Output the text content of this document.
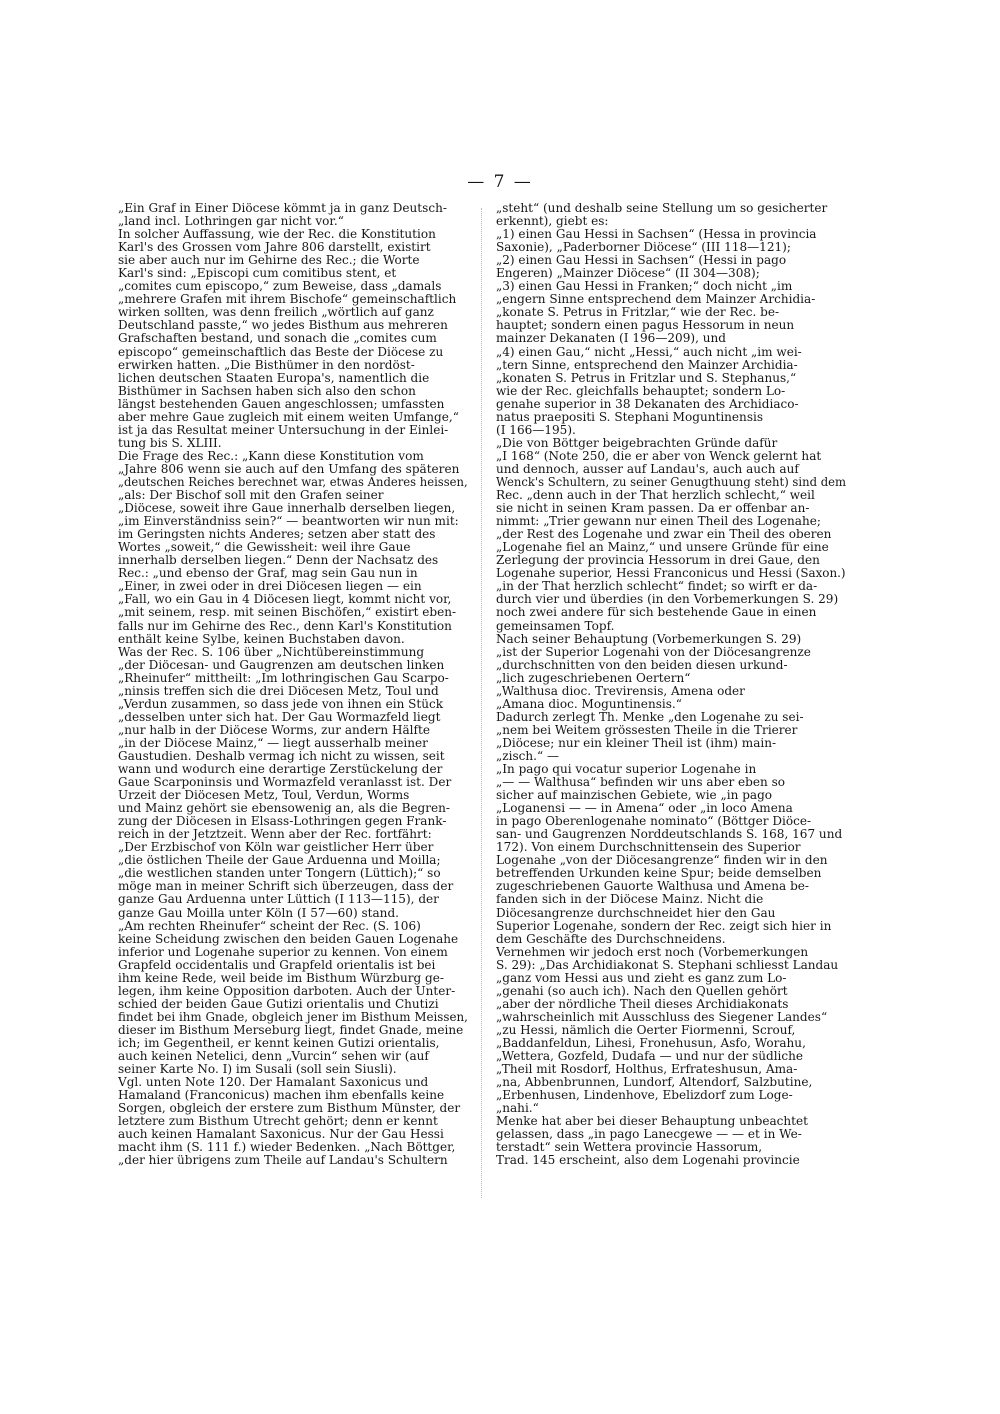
— 7 —
„Ein Graf in Einer Diöcese kömmt ja in ganz Deutsch-
„land incl. Lothringen gar nicht vor.“
In solcher Auffassung, wie der Rec. die Konstitution
Karl's des Grossen vom Jahre 806 darstellt, existirt
sie aber auch nur im Gehirne des Rec.; die Worte
Karl's sind: „Episcopi cum comitibus stent, et
„comites cum episcopo,“ zum Beweise, dass „damals
„mehrere Grafen mit ihrem Bischofe“ gemeinschaftlich
wirken sollten, was denn freilich „wörtlich auf ganz
Deutschland passte,“ wo jedes Bisthum aus mehreren
Grafschaften bestand, und sonach die „comites cum
episcopo“ gemeinschaftlich das Beste der Diöcese zu
erwirken hatten. „Die Bisthümer in den nordöst-
lichen deutschen Staaten Europa's, namentlich die
Bisthümer in Sachsen haben sich also den schon
längst bestehenden Gauen angeschlossen; umfassten
aber mehre Gaue zugleich mit einem weiten Umfange,“
ist ja das Resultat meiner Untersuchung in der Einlei-
tung bis S. XLIII.
Die Frage des Rec.: „Kann diese Konstitution vom
„Jahre 806 wenn sie auch auf den Umfang des späteren
„deutschen Reiches berechnet war, etwas Anderes heissen,
„als: Der Bischof soll mit den Grafen seiner
„Diöcese, soweit ihre Gaue innerhalb derselben liegen,
„im Einverständniss sein?“ — beantworten wir nun mit:
im Geringsten nichts Anderes; setzen aber statt des
Wortes „soweit,“ die Gewissheit: weil ihre Gaue
innerhalb derselben liegen.“ Denn der Nachsatz des
Rec.: „und ebenso der Graf, mag sein Gau nun in
„Einer, in zwei oder in drei Diöcesen liegen — ein
„Fall, wo ein Gau in 4 Diöcesen liegt, kommt nicht vor,
„mit seinem, resp. mit seinen Bischöfen,“ existirt eben-
falls nur im Gehirne des Rec., denn Karl's Konstitution
enthält keine Sylbe, keinen Buchstaben davon.
Was der Rec. S. 106 über „Nichtübereinstimmung
„der Diöcesan- und Gaugrenzen am deutschen linken
„Rheinufer“ mittheilt: „Im lothringischen Gau Scarpo-
„ninsis treffen sich die drei Diöcesen Metz, Toul und
„Verdun zusammen, so dass jede von ihnen ein Stück
„desselben unter sich hat. Der Gau Wormazfeld liegt
„nur halb in der Diöcese Worms, zur andern Hälfte
„in der Diöcese Mainz,“ — liegt ausserhalb meiner
Gaustudien. Deshalb vermag ich nicht zu wissen, seit
wann und wodurch eine derartige Zerstückelung der
Gaue Scarponinsis und Wormazfeld veranlasst ist. Der
Urzeit der Diöcesen Metz, Toul, Verdun, Worms
und Mainz gehört sie ebensowenig an, als die Begren-
zung der Diöcesen in Elsass-Lothringen gegen Frank-
reich in der Jetztzeit. Wenn aber der Rec. fortfährt:
„Der Erzbischof von Köln war geistlicher Herr über
„die östlichen Theile der Gaue Arduenna und Moilla;
„die westlichen standen unter Tongern (Lüttich);“ so
möge man in meiner Schrift sich überzeugen, dass der
ganze Gau Arduenna unter Lüttich (I 113—115), der
ganze Gau Moilla unter Köln (I 57—60) stand.
„Am rechten Rheinufer“ scheint der Rec. (S. 106)
keine Scheidung zwischen den beiden Gauen Logenahe
inferior und Logenahe superior zu kennen. Von einem
Grapfeld occidentalis und Grapfeld orientalis ist bei
ihm keine Rede, weil beide im Bisthum Würzburg ge-
legen, ihm keine Opposition darboten. Auch der Unter-
schied der beiden Gaue Gutizi orientalis und Chutizi
findet bei ihm Gnade, obgleich jener im Bisthum Meissen,
dieser im Bisthum Merseburg liegt, findet Gnade, meine
ich; im Gegentheil, er kennt keinen Gutizi orientalis,
auch keinen Netelici, denn „Vurcin“ sehen wir (auf
seiner Karte No. I) im Susali (soll sein Siusli).
Vgl. unten Note 120. Der Hamalant Saxonicus und
Hamaland (Franconicus) machen ihm ebenfalls keine
Sorgen, obgleich der erstere zum Bisthum Münster, der
letztere zum Bisthum Utrecht gehört; denn er kennt
auch keinen Hamalant Saxonicus. Nur der Gau Hessi
macht ihm (S. 111 f.) wieder Bedenken. „Nach Böttger,
„der hier übrigens zum Theile auf Landau's Schultern
„steht“ (und deshalb seine Stellung um so gesicherter
erkennt), giebt es:
„1) einen Gau Hessi in Sachsen“ (Hessa in provincia
Saxonie), „Paderborner Diöcese“ (III 118—121);
„2) einen Gau Hessi in Sachsen“ (Hessi in pago
Engeren) „Mainzer Diöcese“ (II 304—308);
„3) einen Gau Hessi in Franken;“ doch nicht „im
„engern Sinne entsprechend dem Mainzer Archidia-
„konate S. Petrus in Fritzlar,“ wie der Rec. be-
hauptet; sondern einen pagus Hessorum in neun
mainzer Dekanaten (I 196—209), und
„4) einen Gau,“ nicht „Hessi,“ auch nicht „im wei-
„tern Sinne, entsprechend den Mainzer Archidia-
„konaten S. Petrus in Fritzlar und S. Stephanus,“
wie der Rec. gleichfalls behauptet; sondern Lo-
genahe superior in 38 Dekanaten des Archidiaco-
natus praepositi S. Stephani Moguntinensis
(I 166—195).
„Die von Böttger beigebrachten Gründe dafür
„I 168“ (Note 250, die er aber von Wenck gelernt hat
und dennoch, ausser auf Landau's, auch auch auf
Wenck's Schultern, zu seiner Genugthuung steht) sind dem
Rec. „denn auch in der That herzlich schlecht,“ weil
sie nicht in seinen Kram passen. Da er offenbar an-
nimmt: „Trier gewann nur einen Theil des Logenahe;
„der Rest des Logenahe und zwar ein Theil des oberen
„Logenahe fiel an Mainz,“ und unsere Gründe für eine
Zerlegung der provincia Hessorum in drei Gaue, den
Logenahe superior, Hessi Franconicus und Hessi (Saxon.)
„in der That herzlich schlecht“ findet; so wirft er da-
durch vier und überdies (in den Vorbemerkungen S. 29)
noch zwei andere für sich bestehende Gaue in einen
gemeinsamen Topf.
Nach seiner Behauptung (Vorbemerkungen S. 29)
„ist der Superior Logenahi von der Diöcesangrenze
„durchschnitten von den beiden diesen urkund-
„lich zugeschriebenen Oertern“
„Walthusa dioc. Trevirensis, Amena oder
„Amana dioc. Moguntinensis.“
Dadurch zerlegt Th. Menke „den Logenahe zu sei-
„nem bei Weitem grössesten Theile in die Trierer
„Diöcese; nur ein kleiner Theil ist (ihm) main-
„zisch.“ —
„In pago qui vocatur superior Logenahe in
„— — Walthusa“ befinden wir uns aber eben so
sicher auf mainzischen Gebiete, wie „in pago
„Loganensi — — in Amena“ oder „in loco Amena
in pago Oberenlogenahe nominato“ (Böttger Diöce-
san- und Gaugrenzen Norddeutschlands S. 168, 167 und
172). Von einem Durchschnittensein des Superior
Logenahe „von der Diöcesangrenze“ finden wir in den
betreffenden Urkunden keine Spur; beide demselben
zugeschriebenen Gauorte Walthusa und Amena be-
fanden sich in der Diöcese Mainz. Nicht die
Diöcesangrenze durchschneidet hier den Gau
Superior Logenahe, sondern der Rec. zeigt sich hier in
dem Geschäfte des Durchschneidens.
Vernehmen wir jedoch erst noch (Vorbemerkungen
S. 29): „Das Archidiakonat S. Stephani schliesst Landau
„ganz vom Hessi aus und zieht es ganz zum Lo-
„genahi (so auch ich). Nach den Quellen gehört
„aber der nördliche Theil dieses Archidiakonats
„wahrscheinlich mit Ausschluss des Siegener Landes“
„zu Hessi, nämlich die Oerter Fiormenni, Scrouf,
„Baddanfeldun, Lihesi, Fronehusun, Asfo, Worahu,
„Wettera, Gozfeld, Dudafa — und nur der südliche
„Theil mit Rosdorf, Holthus, Erfrateshusun, Ama-
„na, Abbenbrunnen, Lundorf, Altendorf, Salzbutine,
„Erbenhusen, Lindenhove, Ebelizdorf zum Loge-
„nahi.“
Menke hat aber bei dieser Behauptung unbeachtet
gelassen, dass „in pago Lanecgewe — — et in We-
terstadt“ sein Wettera provincie Hassorum,
Trad. 145 erscheint, also dem Logenahi provincie
